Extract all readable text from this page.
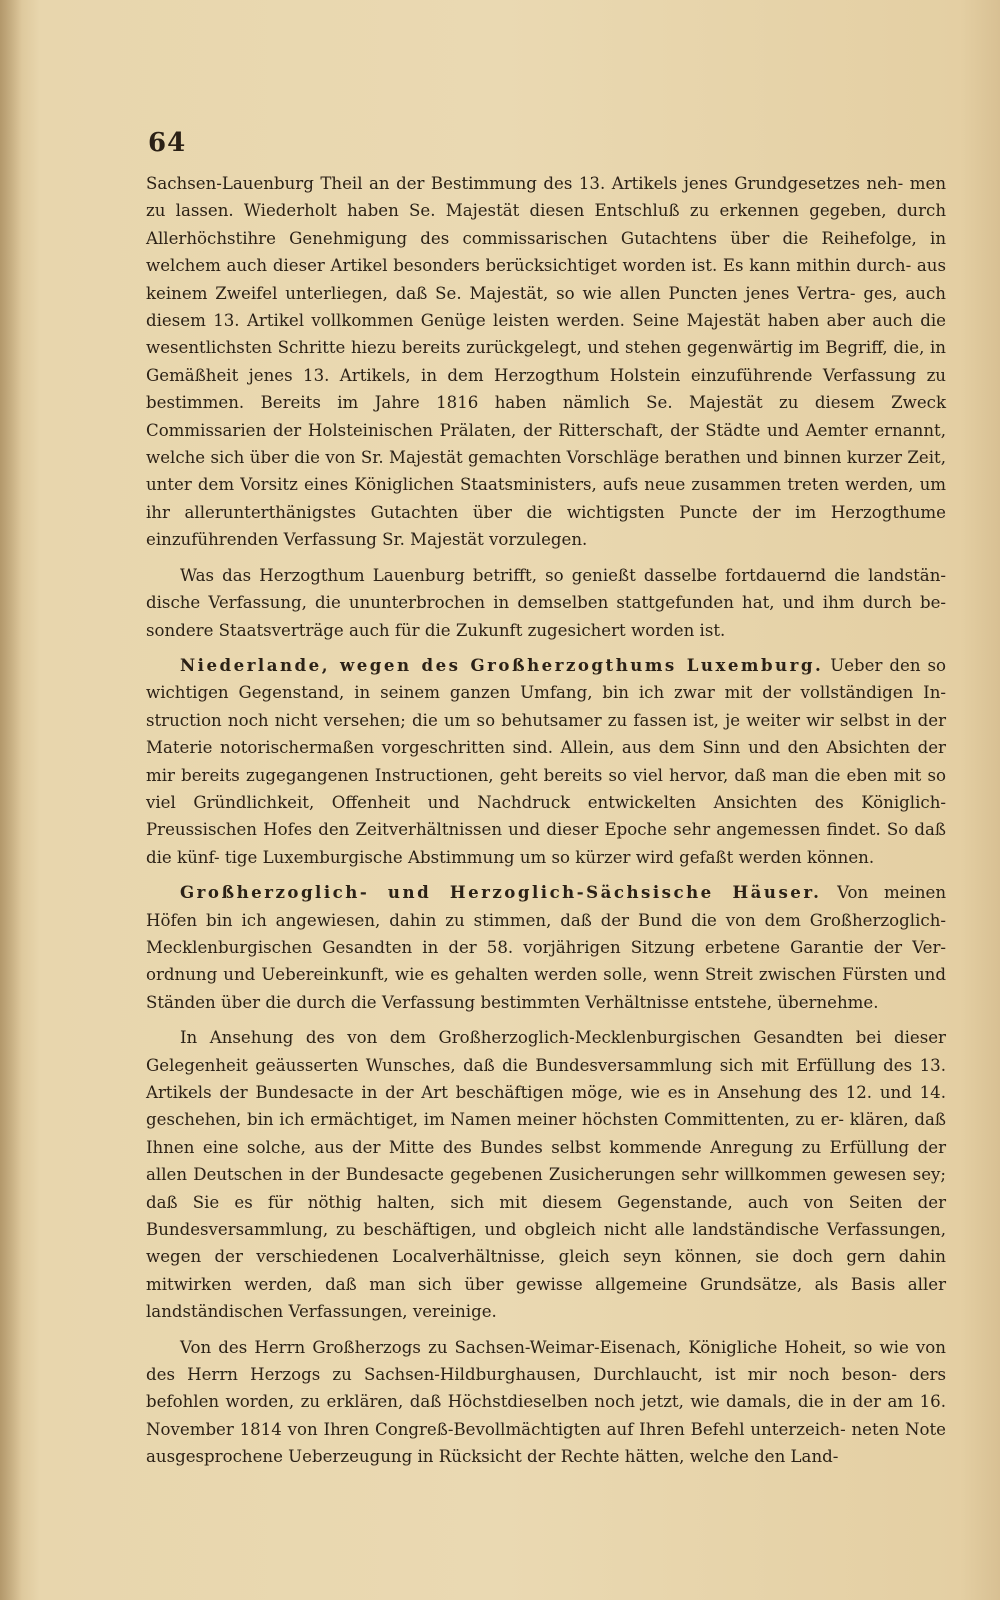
64

Sachsen-Lauenburg Theil an der Bestimmung des 13. Artikels jenes Grundgesetzes neh- men zu lassen. Wiederholt haben Se. Majestät diesen Entschluß zu erkennen gegeben, durch Allerhöchstihre Genehmigung des commissarischen Gutachtens über die Reihefolge, in welchem auch dieser Artikel besonders berücksichtiget worden ist. Es kann mithin durch- aus keinem Zweifel unterliegen, daß Se. Majestät, so wie allen Puncten jenes Vertra- ges, auch diesem 13. Artikel vollkommen Genüge leisten werden. Seine Majestät haben aber auch die wesentlichsten Schritte hiezu bereits zurückgelegt, und stehen gegenwärtig im Begriff, die, in Gemäßheit jenes 13. Artikels, in dem Herzogthum Holstein einzuführende Verfassung zu bestimmen. Bereits im Jahre 1816 haben nämlich Se. Majestät zu diesem Zweck Commissarien der Holsteinischen Prälaten, der Ritterschaft, der Städte und Aemter ernannt, welche sich über die von Sr. Majestät gemachten Vorschläge berathen und binnen kurzer Zeit, unter dem Vorsitz eines Königlichen Staatsministers, aufs neue zusammen treten werden, um ihr allerunterthänigstes Gutachten über die wichtigsten Puncte der im Herzogthume einzuführenden Verfassung Sr. Majestät vorzulegen.

Was das Herzogthum Lauenburg betrifft, so genießt dasselbe fortdauernd die landstän- dische Verfassung, die ununterbrochen in demselben stattgefunden hat, und ihm durch be- sondere Staatsverträge auch für die Zukunft zugesichert worden ist.

Niederlande, wegen des Großherzogthums Luxemburg. Ueber den so wichtigen Gegenstand, in seinem ganzen Umfang, bin ich zwar mit der vollständigen In- struction noch nicht versehen; die um so behutsamer zu fassen ist, je weiter wir selbst in der Materie notorischermaßen vorgeschritten sind. Allein, aus dem Sinn und den Absichten der mir bereits zugegangenen Instructionen, geht bereits so viel hervor, daß man die eben mit so viel Gründlichkeit, Offenheit und Nachdruck entwickelten Ansichten des Königlich-Preussischen Hofes den Zeitverhältnissen und dieser Epoche sehr angemessen findet. So daß die künf- tige Luxemburgische Abstimmung um so kürzer wird gefaßt werden können.

Großherzoglich- und Herzoglich-Sächsische Häuser. Von meinen Höfen bin ich angewiesen, dahin zu stimmen, daß der Bund die von dem Großherzoglich- Mecklenburgischen Gesandten in der 58. vorjährigen Sitzung erbetene Garantie der Ver- ordnung und Uebereinkunft, wie es gehalten werden solle, wenn Streit zwischen Fürsten und Ständen über die durch die Verfassung bestimmten Verhältnisse entstehe, übernehme.

In Ansehung des von dem Großherzoglich-Mecklenburgischen Gesandten bei dieser Gelegenheit geäusserten Wunsches, daß die Bundesversammlung sich mit Erfüllung des 13. Artikels der Bundesacte in der Art beschäftigen möge, wie es in Ansehung des 12. und 14. geschehen, bin ich ermächtiget, im Namen meiner höchsten Committenten, zu er- klären, daß Ihnen eine solche, aus der Mitte des Bundes selbst kommende Anregung zu Erfüllung der allen Deutschen in der Bundesacte gegebenen Zusicherungen sehr willkommen gewesen sey; daß Sie es für nöthig halten, sich mit diesem Gegenstande, auch von Seiten der Bundesversammlung, zu beschäftigen, und obgleich nicht alle landständische Verfassungen, wegen der verschiedenen Localverhältnisse, gleich seyn können, sie doch gern dahin mitwirken werden, daß man sich über gewisse allgemeine Grundsätze, als Basis aller landständischen Verfassungen, vereinige.

Von des Herrn Großherzogs zu Sachsen-Weimar-Eisenach, Königliche Hoheit, so wie von des Herrn Herzogs zu Sachsen-Hildburghausen, Durchlaucht, ist mir noch beson- ders befohlen worden, zu erklären, daß Höchstdieselben noch jetzt, wie damals, die in der am 16. November 1814 von Ihren Congreß-Bevollmächtigten auf Ihren Befehl unterzeich- neten Note ausgesprochene Ueberzeugung in Rücksicht der Rechte hätten, welche den Land-
